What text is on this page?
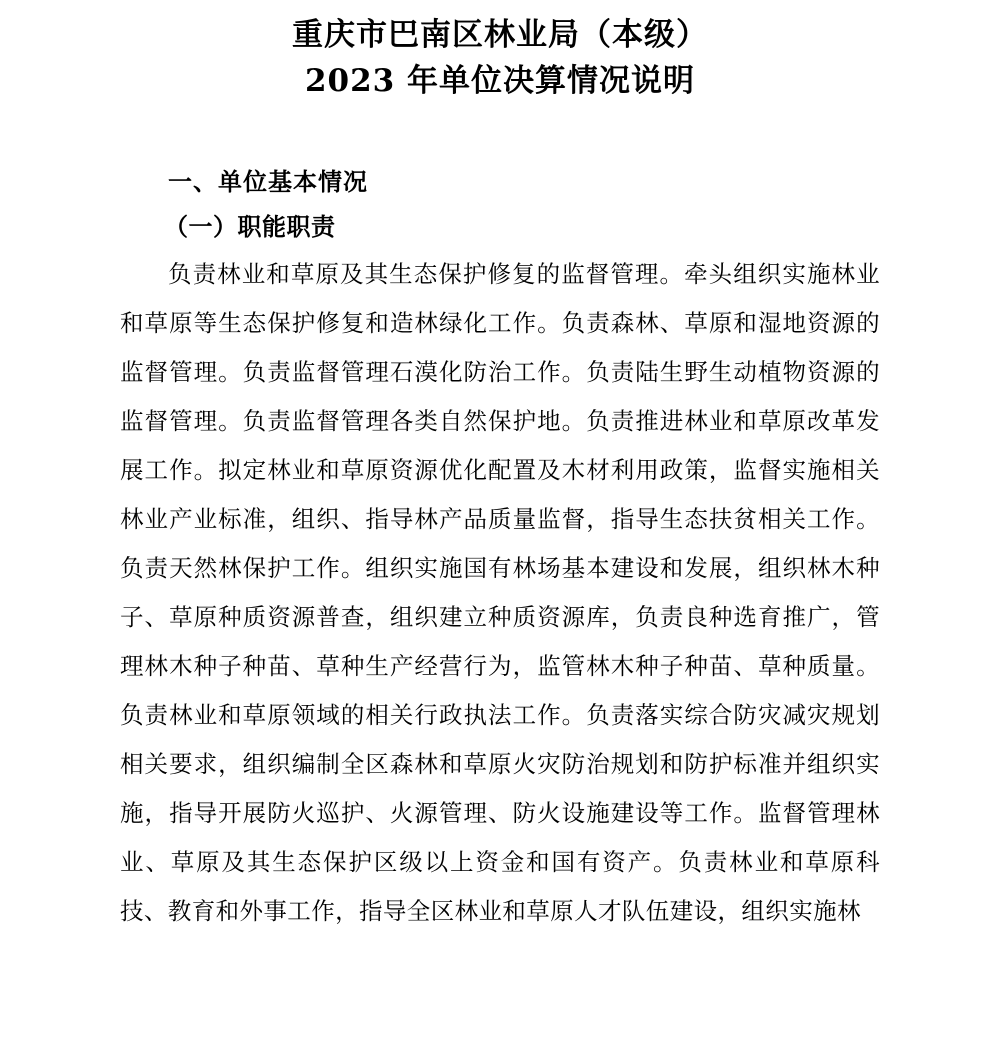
重庆市巴南区林业局（本级）
2023 年单位决算情况说明
一、单位基本情况
（一）职能职责

负责林业和草原及其生态保护修复的监督管理。牵头组织实施林业和草原等生态保护修复和造林绿化工作。负责森林、草原和湿地资源的监督管理。负责监督管理石漠化防治工作。负责陆生野生动植物资源的监督管理。负责监督管理各类自然保护地。负责推进林业和草原改革发展工作。拟定林业和草原资源优化配置及木材利用政策，监督实施相关林业产业标准，组织、指导林产品质量监督，指导生态扶贫相关工作。负责天然林保护工作。组织实施国有林场基本建设和发展，组织林木种子、草原种质资源普查，组织建立种质资源库，负责良种选育推广，管理林木种子种苗、草种生产经营行为，监管林木种子种苗、草种质量。负责林业和草原领域的相关行政执法工作。负责落实综合防灾减灾规划相关要求，组织编制全区森林和草原火灾防治规划和防护标准并组织实施，指导开展防火巡护、火源管理、防火设施建设等工作。监督管理林业、草原及其生态保护区级以上资金和国有资产。负责林业和草原科技、教育和外事工作，指导全区林业和草原人才队伍建设，组织实施林
